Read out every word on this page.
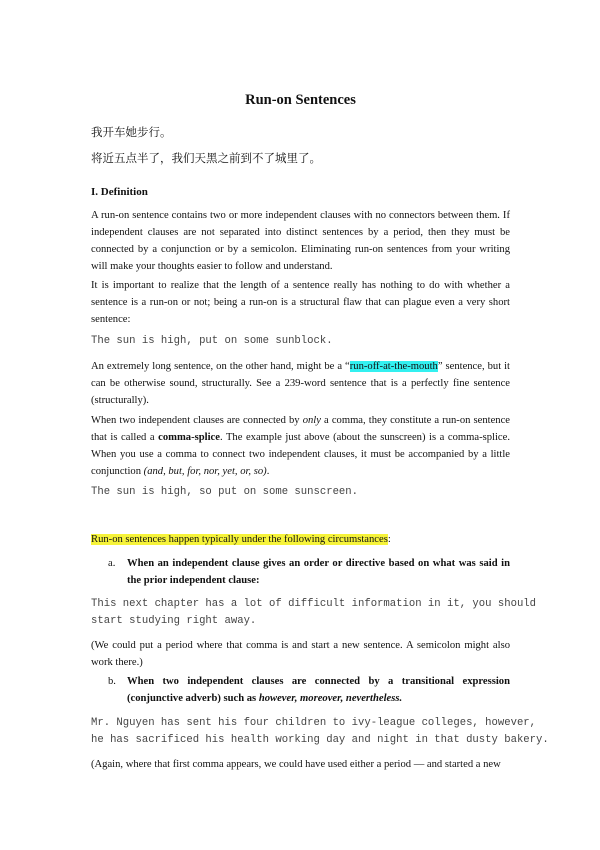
Run-on Sentences
我开车她步行。
将近五点半了，我们天黑之前到不了城里了。
I. Definition

A run-on sentence contains two or more independent clauses with no connectors between them. If independent clauses are not separated into distinct sentences by a period, then they must be connected by a conjunction or by a semicolon. Eliminating run-on sentences from your writing will make your thoughts easier to follow and understand.

It is important to realize that the length of a sentence really has nothing to do with whether a sentence is a run-on or not; being a run-on is a structural flaw that can plague even a very short sentence:

The sun is high, put on some sunblock.

An extremely long sentence, on the other hand, might be a “run-off-at-the-mouth” sentence, but it can be otherwise sound, structurally. See a 239-word sentence that is a perfectly fine sentence (structurally).

When two independent clauses are connected by only a comma, they constitute a run-on sentence that is called a comma-splice. The example just above (about the sunscreen) is a comma-splice. When you use a comma to connect two independent clauses, it must be accompanied by a little conjunction (and, but, for, nor, yet, or, so).

The sun is high, so put on some sunscreen.

Run-on sentences happen typically under the following circumstances:

a. When an independent clause gives an order or directive based on what was said in the prior independent clause:
This next chapter has a lot of difficult information in it, you should
start studying right away.

(We could put a period where that comma is and start a new sentence. A semicolon might also work there.)

b. When two independent clauses are connected by a transitional expression (conjunctive adverb) such as however, moreover, nevertheless.
Mr. Nguyen has sent his four children to ivy-league colleges, however,
he has sacrificed his health working day and night in that dusty bakery.

(Again, where that first comma appears, we could have used either a period — and started a new
